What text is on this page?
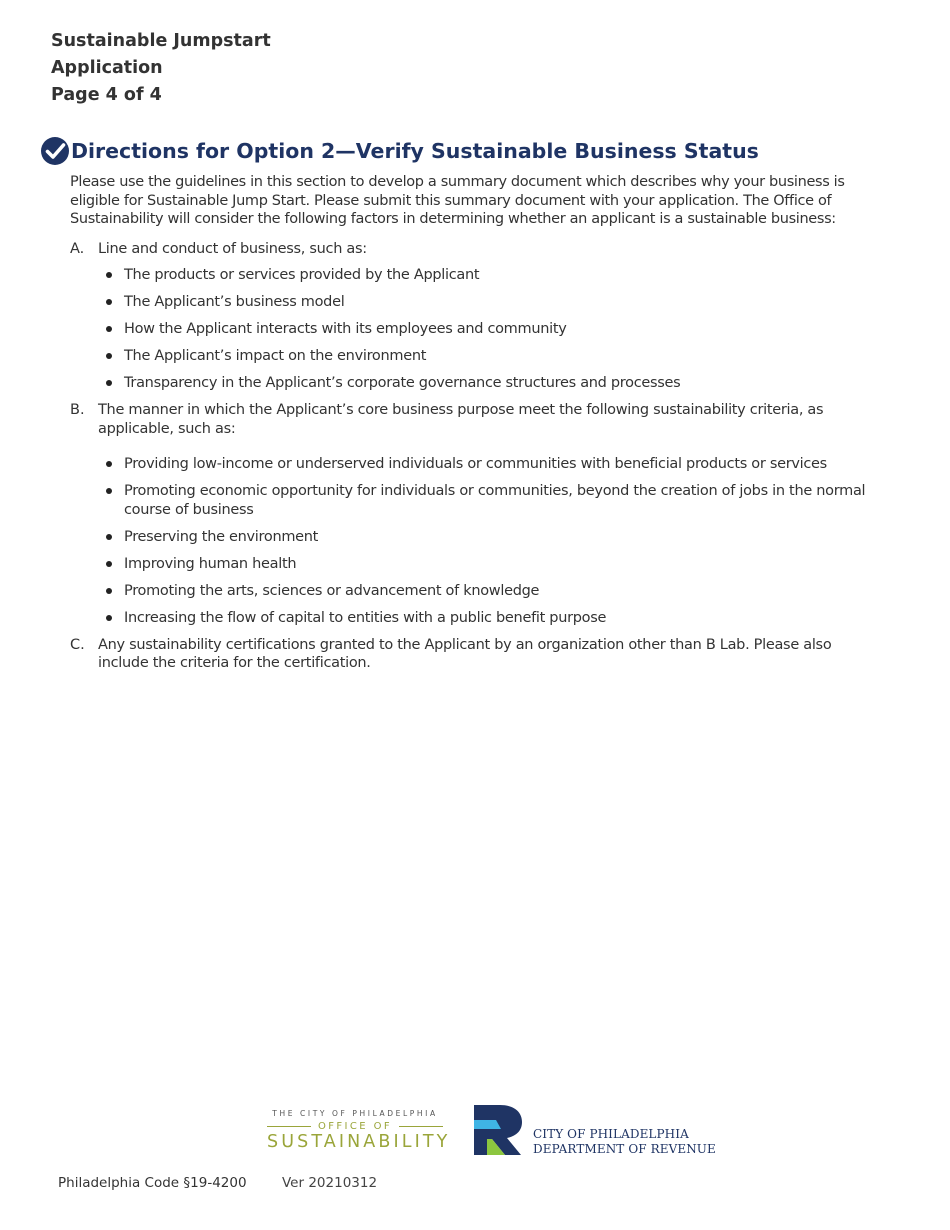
Sustainable Jumpstart
Application
Page 4 of 4
Directions for Option 2—Verify Sustainable Business Status

Please use the guidelines in this section to develop a summary document which describes why your business is eligible for Sustainable Jump Start. Please submit this summary document with your application. The Office of Sustainability will consider the following factors in determining whether an applicant is a sustainable business:

A. Line and conduct of business, such as:
The products or services provided by the Applicant
The Applicant’s business model
How the Applicant interacts with its employees and community
The Applicant’s impact on the environment
Transparency in the Applicant’s corporate governance structures and processes
B. The manner in which the Applicant’s core business purpose meet the following sustainability criteria, as applicable, such as:
Providing low-income or underserved individuals or communities with beneficial products or services
Promoting economic opportunity for individuals or communities, beyond the creation of jobs in the normal course of business
Preserving the environment
Improving human health
Promoting the arts, sciences or advancement of knowledge
Increasing the flow of capital to entities with a public benefit purpose
C. Any sustainability certifications granted to the Applicant by an organization other than B Lab. Please also include the criteria for the certification.
THE CITY OF PHILADELPHIA
OFFICE OF
SUSTAINABILITY	CITY OF PHILADELPHIA
DEPARTMENT OF REVENUE
Philadelphia Code §19-4200	Ver 20210312
